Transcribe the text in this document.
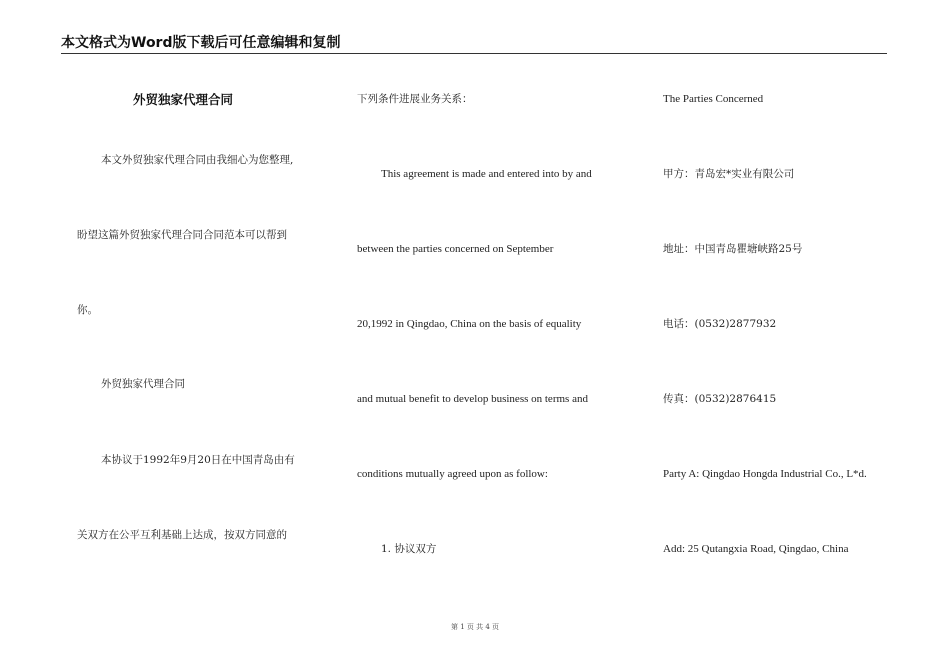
本文格式为Word版下载后可任意编辑和复制
外贸独家代理合同
本文外贸独家代理合同由我细心为您整理,
盼望这篇外贸独家代理合同合同范本可以帮到
你。
外贸独家代理合同
本协议于1992年9月20日在中国青岛由有
关双方在公平互利基础上达成，按双方同意的
下列条件进展业务关系：
This agreement is made and entered into by and
between the parties concerned on September
20,1992 in Qingdao, China on the basis of equality
and mutual benefit to develop business on terms and
conditions mutually agreed upon as follow:
1. 协议双方
The Parties Concerned
甲方：青岛宏*实业有限公司
地址：中国青岛瞿塘峡路25号
电话：(0532)2877932
传真：(0532)2876415
Party A: Qingdao Hongda Industrial Co., L*d.
Add: 25 Qutangxia Road, Qingdao, China
第 1 页 共 4 页
